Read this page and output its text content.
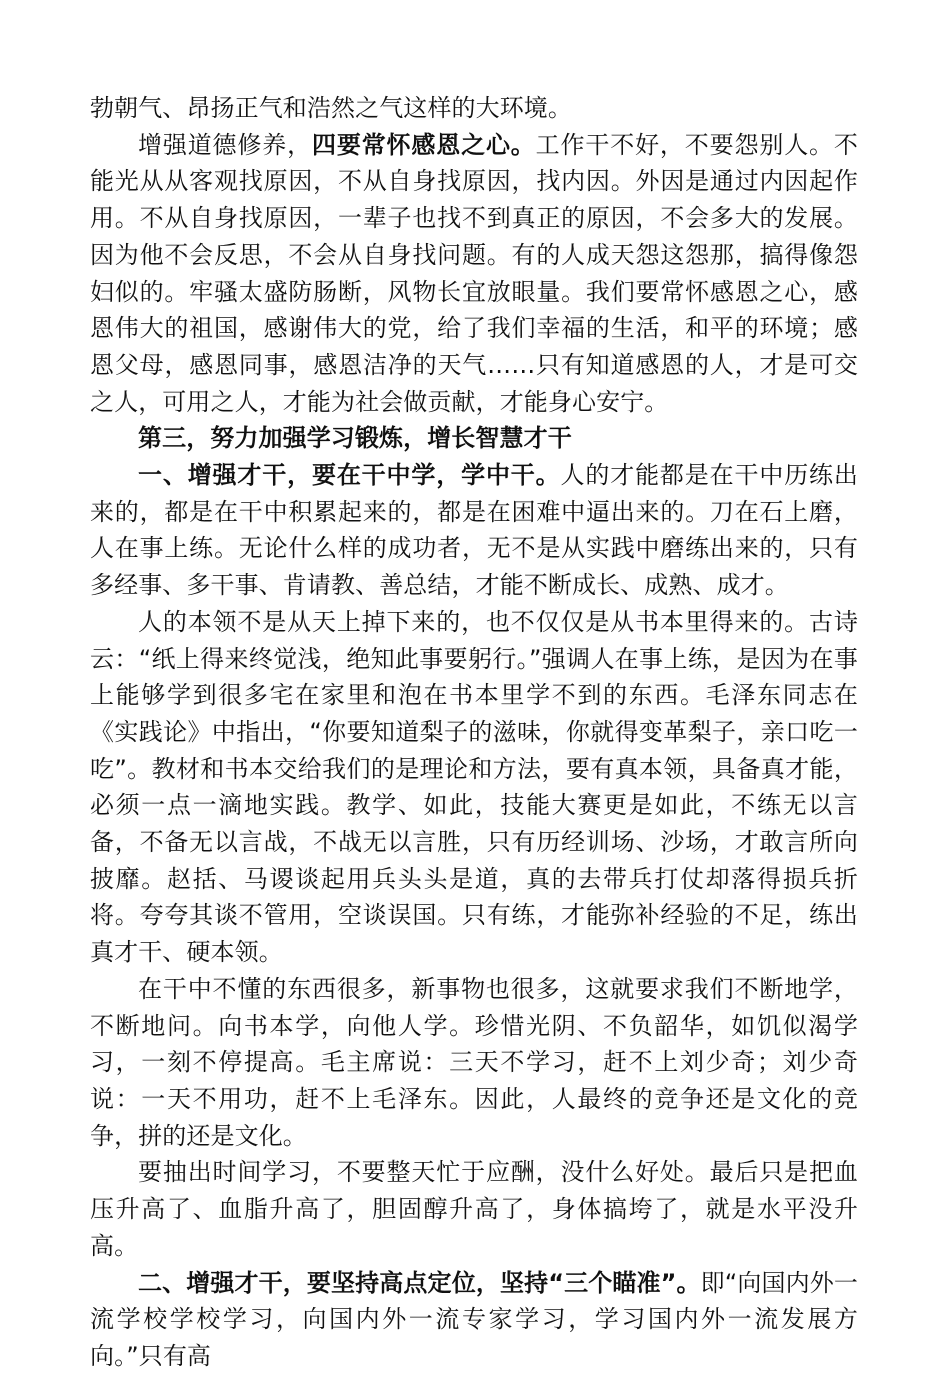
勃朝气、昂扬正气和浩然之气这样的大环境。

增强道德修养，四要常怀感恩之心。工作干不好，不要怨别人。不能光从从客观找原因，不从自身找原因，找内因。外因是通过内因起作用。不从自身找原因，一辈子也找不到真正的原因，不会多大的发展。因为他不会反思，不会从自身找问题。有的人成天怨这怨那，搞得像怨妇似的。牢骚太盛防肠断，风物长宜放眼量。我们要常怀感恩之心，感恩伟大的祖国，感谢伟大的党，给了我们幸福的生活，和平的环境；感恩父母，感恩同事，感恩洁净的天气……只有知道感恩的人，才是可交之人，可用之人，才能为社会做贡献，才能身心安宁。

第三，努力加强学习锻炼，增长智慧才干

一、增强才干，要在干中学，学中干。人的才能都是在干中历练出来的，都是在干中积累起来的，都是在困难中逼出来的。刀在石上磨，人在事上练。无论什么样的成功者，无不是从实践中磨练出来的，只有多经事、多干事、肯请教、善总结，才能不断成长、成熟、成才。

人的本领不是从天上掉下来的，也不仅仅是从书本里得来的。古诗云：“纸上得来终觉浅，绝知此事要躬行。”强调人在事上练，是因为在事上能够学到很多宅在家里和泡在书本里学不到的东西。毛泽东同志在《实践论》中指出，“你要知道梨子的滋味，你就得变革梨子，亲口吃一吃”。教材和书本交给我们的是理论和方法，要有真本领，具备真才能，必须一点一滴地实践。教学、如此，技能大赛更是如此，不练无以言备，不备无以言战，不战无以言胜，只有历经训场、沙场，才敢言所向披靡。赵括、马谡谈起用兵头头是道，真的去带兵打仗却落得损兵折将。夸夸其谈不管用，空谈误国。只有练，才能弥补经验的不足，练出真才干、硬本领。

在干中不懂的东西很多，新事物也很多，这就要求我们不断地学，不断地问。向书本学，向他人学。珍惜光阴、不负韶华，如饥似渴学习，一刻不停提高。毛主席说：三天不学习，赶不上刘少奇；刘少奇说：一天不用功，赶不上毛泽东。因此，人最终的竞争还是文化的竞争，拼的还是文化。

要抽出时间学习，不要整天忙于应酬，没什么好处。最后只是把血压升高了、血脂升高了，胆固醇升高了，身体搞垮了，就是水平没升高。

二、增强才干，要坚持高点定位，坚持“三个瞄准”。即“向国内外一流学校学校学习，向国内外一流专家学习，学习国内外一流发展方向。”只有高
